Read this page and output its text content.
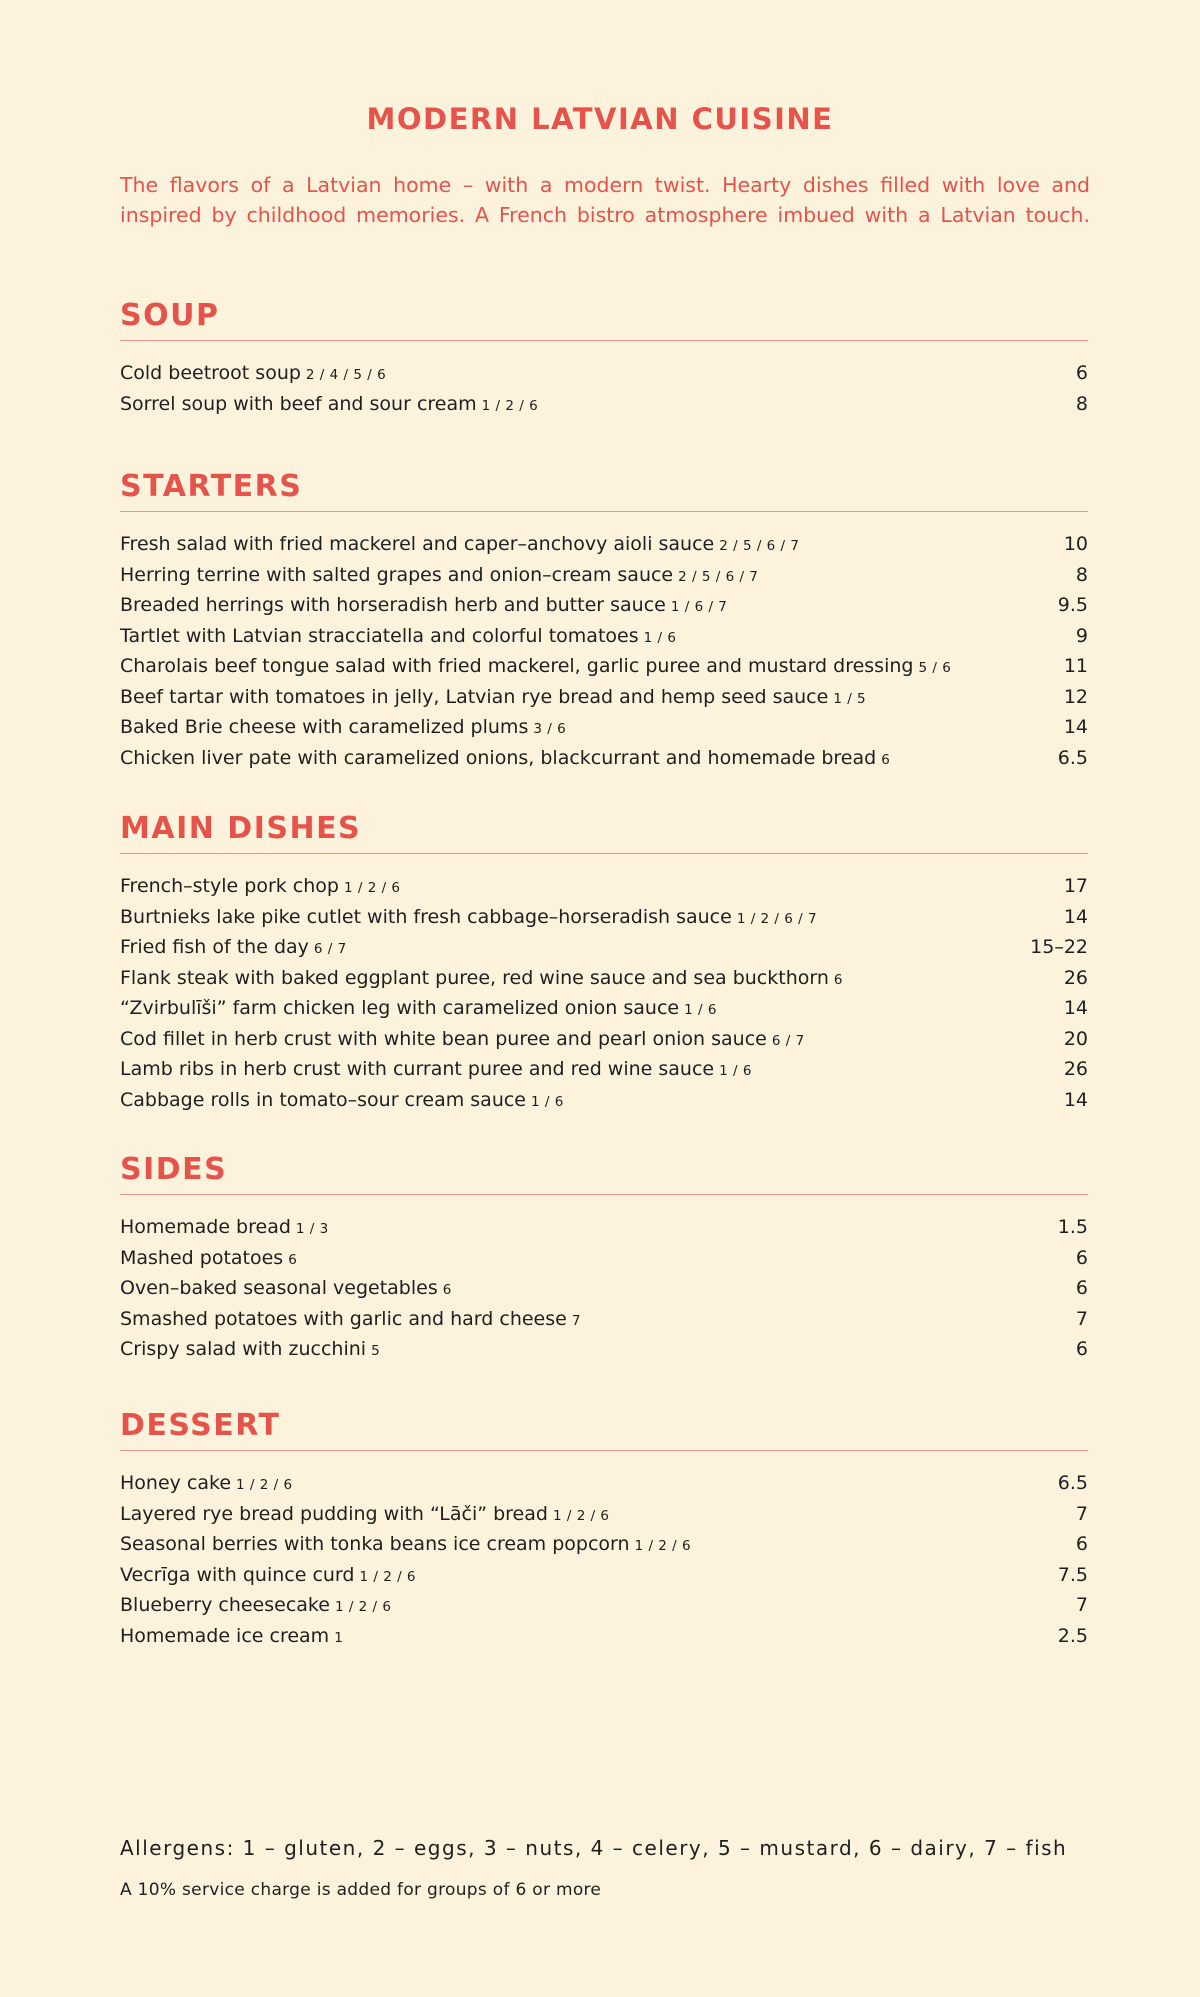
MODERN LATVIAN CUISINE
The flavors of a Latvian home – with a modern twist. Hearty dishes filled with love and
inspired by childhood memories. A French bistro atmosphere imbued with a Latvian touch.
SOUP
Cold beetroot soup 2 / 4 / 5 / 6	6
Sorrel soup with beef and sour cream 1 / 2 / 6	8
STARTERS
Fresh salad with fried mackerel and caper–anchovy aioli sauce 2 / 5 / 6 / 7	10
Herring terrine with salted grapes and onion–cream sauce 2 / 5 / 6 / 7	8
Breaded herrings with horseradish herb and butter sauce 1 / 6 / 7	9.5
Tartlet with Latvian stracciatella and colorful tomatoes 1 / 6	9
Charolais beef tongue salad with fried mackerel, garlic puree and mustard dressing 5 / 6	11
Beef tartar with tomatoes in jelly, Latvian rye bread and hemp seed sauce 1 / 5	12
Baked Brie cheese with caramelized plums 3 / 6	14
Chicken liver pate with caramelized onions, blackcurrant and homemade bread 6	6.5
MAIN DISHES
French–style pork chop 1 / 2 / 6	17
Burtnieks lake pike cutlet with fresh cabbage–horseradish sauce 1 / 2 / 6 / 7	14
Fried fish of the day 6 / 7	15–22
Flank steak with baked eggplant puree, red wine sauce and sea buckthorn 6	26
“Zvirbulīši” farm chicken leg with caramelized onion sauce 1 / 6	14
Cod fillet in herb crust with white bean puree and pearl onion sauce 6 / 7	20
Lamb ribs in herb crust with currant puree and red wine sauce 1 / 6	26
Cabbage rolls in tomato–sour cream sauce 1 / 6	14
SIDES
Homemade bread 1 / 3	1.5
Mashed potatoes 6	6
Oven–baked seasonal vegetables 6	6
Smashed potatoes with garlic and hard cheese 7	7
Crispy salad with zucchini 5	6
DESSERT
Honey cake 1 / 2 / 6	6.5
Layered rye bread pudding with “Lāči” bread 1 / 2 / 6	7
Seasonal berries with tonka beans ice cream popcorn 1 / 2 / 6	6
Vecrīga with quince curd 1 / 2 / 6	7.5
Blueberry cheesecake 1 / 2 / 6	7
Homemade ice cream 1	2.5
Allergens: 1 – gluten, 2 – eggs, 3 – nuts, 4 – celery, 5 – mustard, 6 – dairy, 7 – fish
A 10% service charge is added for groups of 6 or more
